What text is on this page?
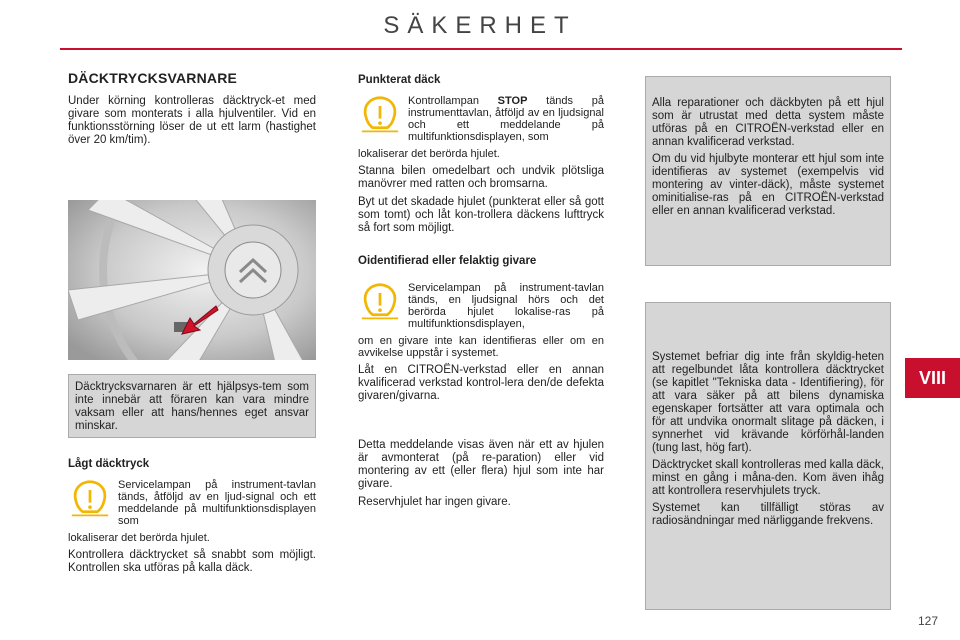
SÄKERHET
VIII
DÄCKTRYCKSVARNARE

Under körning kontrolleras däcktryck-et med givare som monterats i alla hjulventiler. Vid en funktionsstörning löser de ut ett larm (hastighet över 20 km/tim).

Däcktrycksvarnaren är ett hjälpsys-tem som inte innebär att föraren kan vara mindre vaksam eller att hans/hennes eget ansvar minskar.

Lågt däcktryck

Servicelampan på instrument-tavlan tänds, åtföljd av en ljud-signal och ett meddelande på multifunktionsdisplayen som

lokaliserar det berörda hjulet.

Kontrollera däcktrycket så snabbt som möjligt. Kontrollen ska utföras på kalla däck.

Punkterat däck

Kontrollampan STOP tänds på instrumenttavlan, åtföljd av en ljudsignal och ett meddelande på multifunktionsdisplayen, som

lokaliserar det berörda hjulet.

Stanna bilen omedelbart och undvik plötsliga manövrer med ratten och bromsarna.

Byt ut det skadade hjulet (punkterat eller så gott som tomt) och låt kon-trollera däckens lufttryck så fort som möjligt.

Oidentifierad eller felaktig givare

Servicelampan på instrument-tavlan tänds, en ljudsignal hörs och det berörda hjulet lokalise-ras på multifunktionsdisplayen,

om en givare inte kan identifieras eller om en avvikelse uppstår i systemet.

Låt en CITROËN-verkstad eller en annan kvalificerad verkstad kontrol-lera den/de defekta givaren/givarna.

Detta meddelande visas även när ett av hjulen är avmonterat (på re-paration) eller vid montering av ett (eller flera) hjul som inte har givare.

Reservhjulet har ingen givare.

Alla reparationer och däckbyten på ett hjul som är utrustat med detta system måste utföras på en CITROËN-verkstad eller en annan kvalificerad verkstad.

Om du vid hjulbyte monterar ett hjul som inte identifieras av systemet (exempelvis vid montering av vinter-däck), måste systemet ominitialise-ras på en CITROËN-verkstad eller en annan kvalificerad verkstad.

Systemet befriar dig inte från skyldig-heten att regelbundet låta kontrollera däcktrycket (se kapitlet "Tekniska data - Identifiering), för att vara säker på att bilens dynamiska egenskaper fortsätter att vara optimala och för att undvika onormalt slitage på däcken, i synnerhet vid krävande körförhål-landen (tung last, hög fart).

Däcktrycket skall kontrolleras med kalla däck, minst en gång i måna-den. Kom även ihåg att kontrollera reservhjulets tryck.

Systemet kan tillfälligt störas av radiosändningar med närliggande frekvens.

127
